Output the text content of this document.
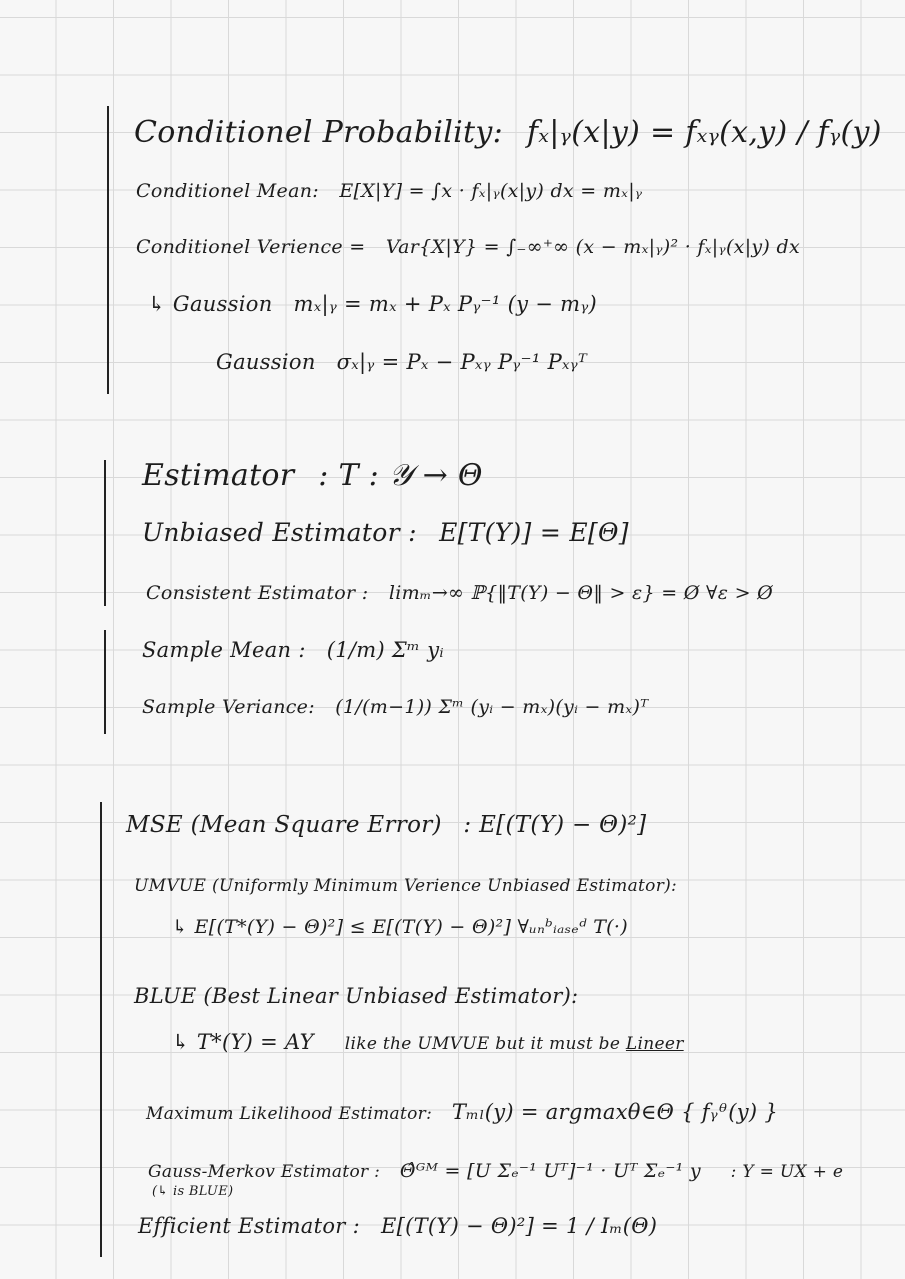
Conditionel Probability: fₓ|ᵧ(x|y) = fₓᵧ(x,y) / fᵧ(y)
Conditionel Mean: E[X|Y] = ∫x · fₓ|ᵧ(x|y) dx = mₓ|ᵧ
Conditionel Verience = Var{X|Y} = ∫₋∞⁺∞ (x − mₓ|ᵧ)² · fₓ|ᵧ(x|y) dx
↳ Gaussion mₓ|ᵧ = mₓ + Pₓ Pᵧ⁻¹ (y − mᵧ)
Gaussion σₓ|ᵧ = Pₓ − Pₓᵧ Pᵧ⁻¹ Pₓᵧᵀ
Estimator : T : 𝒴 → Θ
Unbiased Estimator : E[T(Y)] = E[Θ]
Consistent Estimator : limₘ→∞ ℙ{‖T(Y) − Θ‖ > ε} = Ø ∀ε > Ø
Sample Mean : (1/m) Σᵐ yᵢ
Sample Veriance: (1/(m−1)) Σᵐ (yᵢ − mₓ)(yᵢ − mₓ)ᵀ
MSE (Mean Square Error) : E[(T(Y) − Θ)²]
UMVUE (Uniformly Minimum Verience Unbiased Estimator):
↳ E[(T*(Y) − Θ)²] ≤ E[(T(Y) − Θ)²] ∀ᵤₙᵇᵢₐₛₑᵈ T(·)
BLUE (Best Linear Unbiased Estimator):
↳ T*(Y) = AY like the UMVUE but it must be Lineer
Maximum Likelihood Estimator: Tₘₗ(y) = argmaxθ∈Θ { fᵧᶿ(y) }
Gauss-Merkov Estimator : Θ̂ᴳᴹ = [U Σₑ⁻¹ Uᵀ]⁻¹ · Uᵀ Σₑ⁻¹ y : Y = UX + e
(↳ is BLUE)
Efficient Estimator : E[(T(Y) − Θ)²] = 1 / Iₘ(Θ)
